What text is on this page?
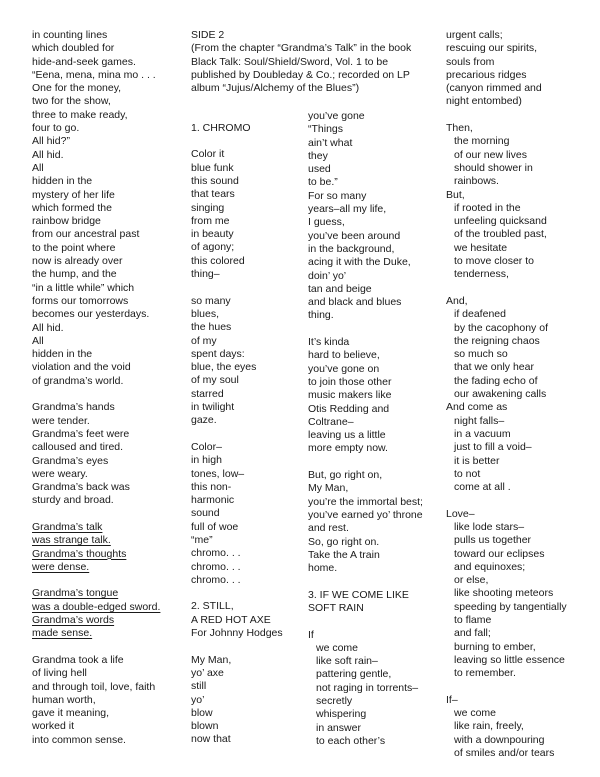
in counting lines
which doubled for
hide-and-seek games.
“Eena, mena, mina mo . . .
One for the money,
two for the show,
three to make ready,
four to go.
All hid?”
All hid.
All
hidden in the
mystery of her life
which formed the
rainbow bridge
from our ancestral past
to the point where
now is already over
the hump, and the
“in a little while” which
forms our tomorrows
becomes our yesterdays.
All hid.
All
hidden in the
violation and the void
of grandma’s world.
Grandma’s hands
were tender.
Grandma’s feet were
calloused and tired.
Grandma’s eyes
were weary.
Grandma’s back was
sturdy and broad.
Grandma’s talk
was strange talk.
Grandma’s thoughts
were dense.
Grandma’s tongue
was a double-edged sword.
Grandma’s words
made sense.
Grandma took a life
of living hell
and through toil, love, faith
human worth,
gave it meaning,
worked it
into common sense.
SIDE 2
(From the chapter “Grandma’s Talk” in the book
Black Talk: Soul/Shield/Sword, Vol. 1 to be
published by Doubleday & Co.; recorded on LP
album “Jujus/Alchemy of the Blues”)
1. CHROMO
Color it
blue funk
this sound
that tears
singing
from me
in beauty
of agony;
this colored
thing–
so many
blues,
the hues
of my
spent days:
blue, the eyes
of my soul
starred
in twilight
gaze.
Color–
in high
tones, low–
this non-
harmonic
sound
full of woe
“me”
chromo. . .
chromo. . .
chromo. . .
2. STILL,
A RED HOT AXE
For Johnny Hodges
My Man,
yo’ axe
still
yo’
blow
blown
now that
you’ve gone
“Things
ain’t what
they
used
to be.”
For so many
years–all my life,
I guess,
you’ve been around
in the background,
acing it with the Duke,
doin’ yo’
tan and beige
and black and blues
thing.
It’s kinda
hard to believe,
you’ve gone on
to join those other
music makers like
Otis Redding and
Coltrane–
leaving us a little
more empty now.
But, go right on,
My Man,
you’re the immortal best;
you’ve earned yo’ throne
and rest.
So, go right on.
Take the A train
home.
3. IF WE COME LIKE
SOFT RAIN
If
we come
like soft rain–
pattering gentle,
not raging in torrents–
secretly
whispering
in answer
to each other’s
urgent calls;
rescuing our spirits,
souls from
precarious ridges
(canyon rimmed and
night entombed)
Then,
the morning
of our new lives
should shower in
rainbows.
But,
if rooted in the
unfeeling quicksand
of the troubled past,
we hesitate
to move closer to
tenderness,
And,
if deafened
by the cacophony of
the reigning chaos
so much so
that we only hear
the fading echo of
our awakening calls
And come as
night falls–
in a vacuum
just to fill a void–
it is better
to not
come at all .
Love–
like lode stars–
pulls us together
toward our eclipses
and equinoxes;
or else,
like shooting meteors
speeding by tangentially
to flame
and fall;
burning to ember,
leaving so little essence
to remember.
If–
we come
like rain, freely,
with a downpouring
of smiles and/or tears
